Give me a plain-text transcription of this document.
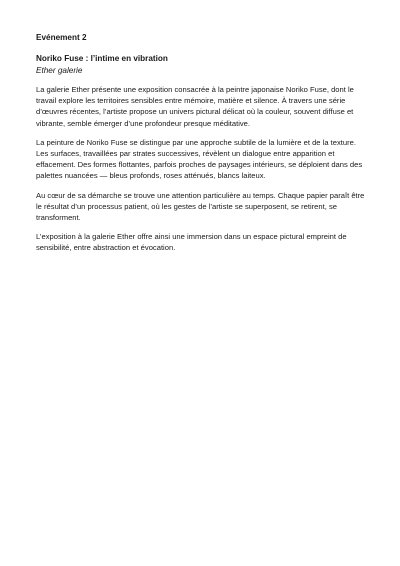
Evénement 2
Noriko Fuse : l’intime en vibration
Ether galerie

La galerie Ether présente une exposition consacrée à la peintre japonaise Noriko Fuse, dont le travail explore les territoires sensibles entre mémoire, matière et silence. À travers une série d’œuvres récentes, l’artiste propose un univers pictural délicat où la couleur, souvent diffuse et vibrante, semble émerger d’une profondeur presque méditative.

La peinture de Noriko Fuse se distingue par une approche subtile de la lumière et de la texture. Les surfaces, travaillées par strates successives, révèlent un dialogue entre apparition et effacement. Des formes flottantes, parfois proches de paysages intérieurs, se déploient dans des palettes nuancées — bleus profonds, roses atténués, blancs laiteux.

Au cœur de sa démarche se trouve une attention particulière au temps. Chaque papier paraît être le résultat d’un processus patient, où les gestes de l’artiste se superposent, se retirent, se transforment.

L’exposition à la galerie Ether offre ainsi une immersion dans un espace pictural empreint de sensibilité, entre abstraction et évocation.
